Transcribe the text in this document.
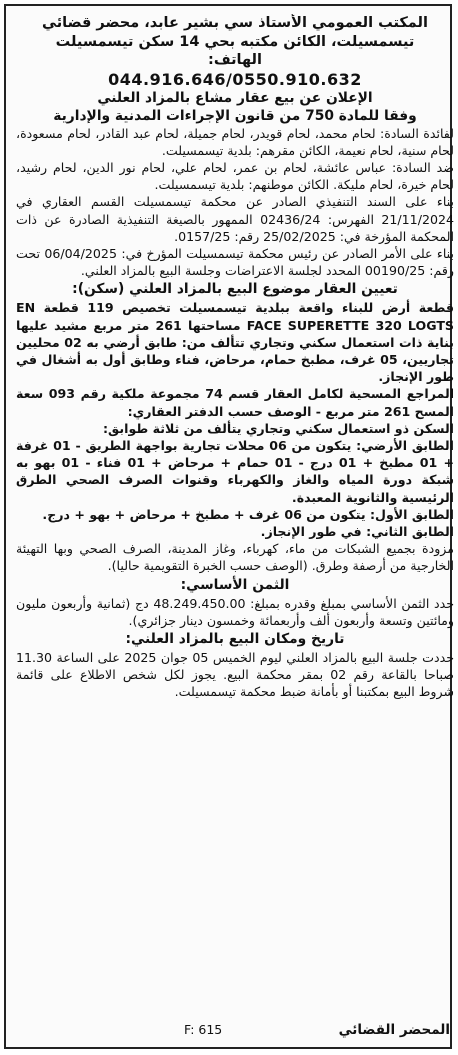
المكتب العمومي الأستاذ سي بشير عابد، محضر قضائي
تيسمسيلت، الكائن مكتبه بحي 14 سكن تيسمسيلت
الهاتف:
044.916.646/0550.910.632
الإعلان عن بيع عقار مشاع بالمزاد العلني
وفقا للمادة 750 من قانون الإجراءات المدنية والإدارية

لفائدة السادة: لحام محمد، لحام قويدر، لحام جميلة، لحام عبد القادر، لحام مسعودة، لحام سنية، لحام نعيمة، الكائن مقرهم: بلدية تيسمسيلت.

ضد السادة: عباس عائشة، لحام بن عمر، لحام علي، لحام نور الدين، لحام رشيد، لحام خيرة، لحام مليكة. الكائن موطنهم: بلدية تيسمسيلت.

بناء على السند التنفيذي الصادر عن محكمة تيسمسيلت القسم العقاري في 21/11/2024 الفهرس: 02436/24 الممهور بالصيغة التنفيذية الصادرة عن ذات المحكمة المؤرخة في: 25/02/2025 رقم: 0157/25.

بناء على الأمر الصادر عن رئيس محكمة تيسمسيلت المؤرخ في: 06/04/2025 تحت رقم: 00190/25 المحدد لجلسة الاعتراضات وجلسة البيع بالمزاد العلني.

تعيين العقار موضوع البيع بالمزاد العلني (سكن):

قطعة أرض للبناء واقعة ببلدية تيسمسيلت تخصيص 119 قطعة EN FACE SUPERETTE 320 LOGTS مساحتها 261 متر مربع مشيد عليها بناية ذات استعمال سكني وتجاري تتألف من: طابق أرضي به 02 محليين تجاريين، 05 غرف، مطبخ حمام، مرحاض، فناء وطابق أول به أشغال في طور الإنجاز.

المراجع المسحية لكامل العقار قسم 74 مجموعة ملكية رقم 093 سعة المسح 261 متر مربع - الوصف حسب الدفتر العقاري:

السكن ذو استعمال سكني وتجاري يتألف من ثلاثة طوابق:

الطابق الأرضي: يتكون من 06 محلات تجارية بواجهة الطريق - 01 غرفة + 01 مطبخ + 01 درج - 01 حمام + مرحاض + 01 فناء - 01 بهو به شبكة دورة المياه والغاز والكهرباء وقنوات الصرف الصحي الطرق الرئيسية والثانوية المعبدة.

الطابق الأول: يتكون من 06 غرف + مطبخ + مرحاض + بهو + درج.

الطابق الثاني: في طور الإنجاز.

مزودة بجميع الشبكات من ماء، كهرباء، وغاز المدينة، الصرف الصحي وبها التهيئة الخارجية من أرصفة وطرق. (الوصف حسب الخبرة التقويمية حاليا).

الثمن الأساسي:

حدد الثمن الأساسي بمبلغ وقدره بمبلغ: 48.249.450.00 دج (ثمانية وأربعون مليون ومائتين وتسعة وأربعون ألف وأربعمائة وخمسون دينار جزائري).

تاريخ ومكان البيع بالمزاد العلني:

حددت جلسة البيع بالمزاد العلني ليوم الخميس 05 جوان 2025 على الساعة 11.30 صباحا بالقاعة رقم 02 بمقر محكمة البيع. يجوز لكل شخص الاطلاع على قائمة شروط البيع بمكتبنا أو بأمانة ضبط محكمة تيسمسيلت.

المحضر القضائي
F: 615
